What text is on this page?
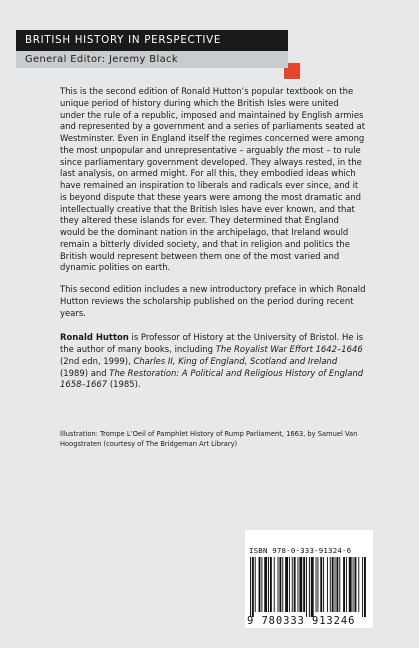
BRITISH HISTORY IN PERSPECTIVE
General Editor: Jeremy Black

This is the second edition of Ronald Hutton’s popular textbook on the unique period of history during which the British Isles were united under the rule of a republic, imposed and maintained by English armies and represented by a government and a series of parliaments seated at Westminster. Even in England itself the regimes concerned were among the most unpopular and unrepresentative – arguably the most – to rule since parliamentary government developed. They always rested, in the last analysis, on armed might. For all this, they embodied ideas which have remained an inspiration to liberals and radicals ever since, and it is beyond dispute that these years were among the most dramatic and intellectually creative that the British Isles have ever known, and that they altered these islands for ever. They determined that England would be the dominant nation in the archipelago, that Ireland would remain a bitterly divided society, and that in religion and politics the British would represent between them one of the most varied and dynamic polities on earth.

This second edition includes a new introductory preface in which Ronald Hutton reviews the scholarship published on the period during recent years.

Ronald Hutton is Professor of History at the University of Bristol. He is the author of many books, including The Royalist War Effort 1642–1646 (2nd edn, 1999), Charles II, King of England, Scotland and Ireland (1989) and The Restoration: A Political and Religious History of England 1658–1667 (1985).

Illustration: Trompe L’Oeil of Pamphlet History of Rump Parliament, 1663, by Samuel Van Hoogstraten (courtesy of The Bridgeman Art Library)
ISBN 978-0-333-91324-6
9 780333 913246
